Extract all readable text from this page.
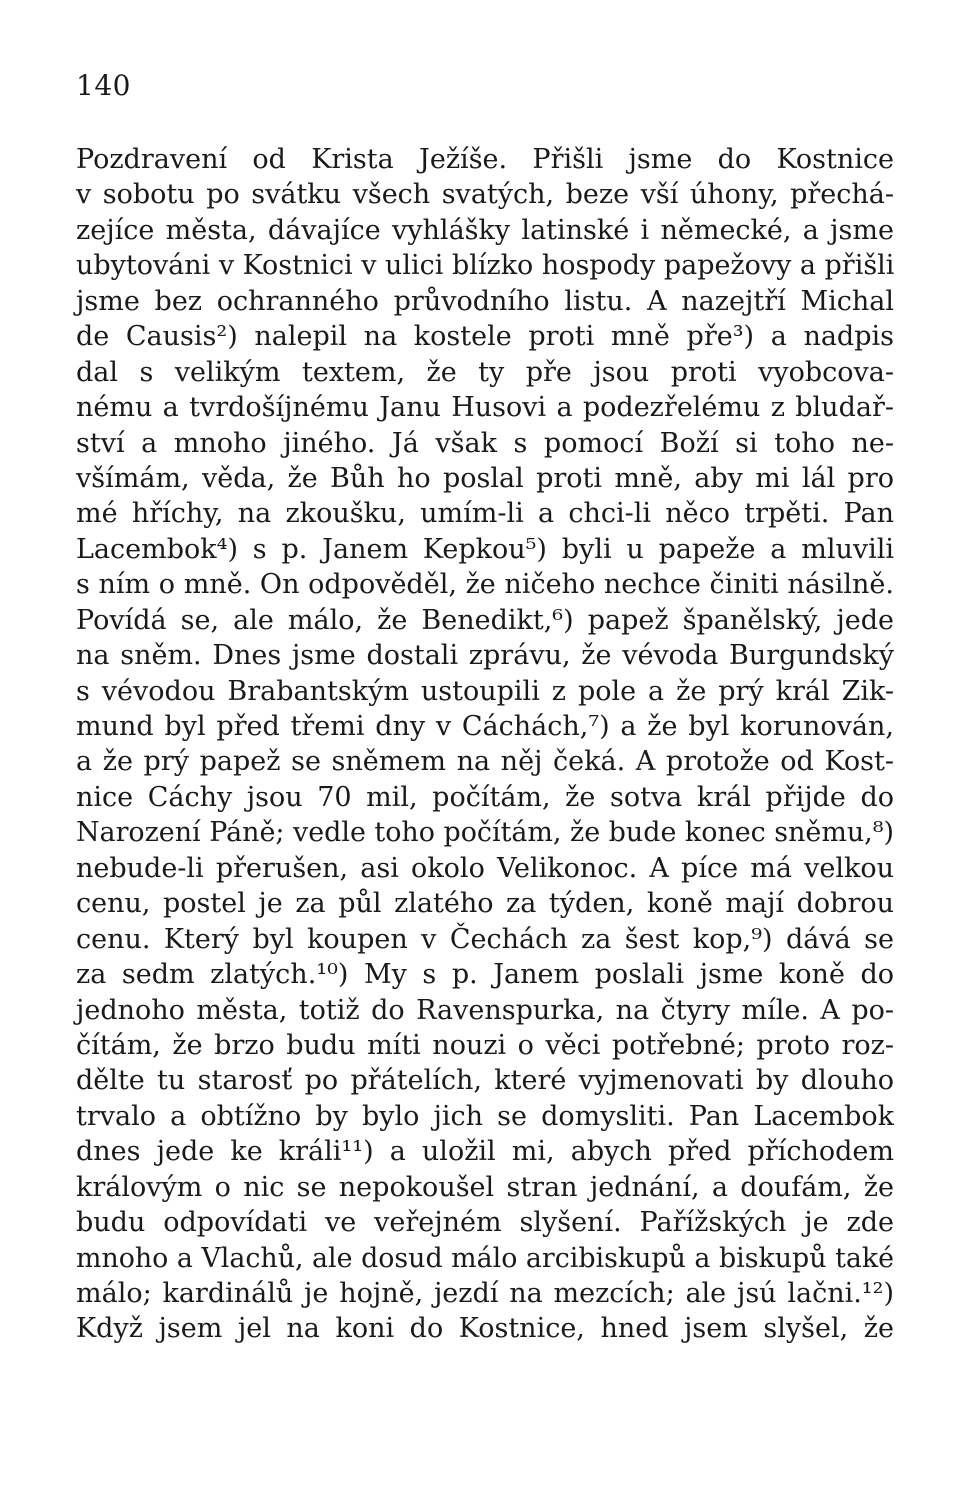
140
Pozdravení od Krista Ježíše. Přišli jsme do Kostnice
v sobotu po svátku všech svatých, beze vší úhony, přechá-
zejíce města, dávajíce vyhlášky latinské i německé, a jsme
ubytováni v Kostnici v ulici blízko hospody papežovy a přišli
jsme bez ochranného průvodního listu. A nazejtří Michal
de Causis²) nalepil na kostele proti mně pře³) a nadpis
dal s velikým textem, že ty pře jsou proti vyobcova-
nému a tvrdošíjnému Janu Husovi a podezřelému z bludař-
ství a mnoho jiného. Já však s pomocí Boží si toho ne-
všímám, věda, že Bůh ho poslal proti mně, aby mi lál pro
mé hříchy, na zkoušku, umím-li a chci-li něco trpěti. Pan
Lacembok⁴) s p. Janem Kepkou⁵) byli u papeže a mluvili
s ním o mně. On odpověděl, že ničeho nechce činiti násilně.
Povídá se, ale málo, že Benedikt,⁶) papež španělský, jede
na sněm. Dnes jsme dostali zprávu, že vévoda Burgundský
s vévodou Brabantským ustoupili z pole a že prý král Zik-
mund byl před třemi dny v Cáchách,⁷) a že byl korunován,
a že prý papež se sněmem na něj čeká. A protože od Kost-
nice Cáchy jsou 70 mil, počítám, že sotva král přijde do
Narození Páně; vedle toho počítám, že bude konec sněmu,⁸)
nebude-li přerušen, asi okolo Velikonoc. A píce má velkou
cenu, postel je za půl zlatého za týden, koně mají dobrou
cenu. Který byl koupen v Čechách za šest kop,⁹) dává se
za sedm zlatých.¹⁰) My s p. Janem poslali jsme koně do
jednoho města, totiž do Ravenspurka, na čtyry míle. A po-
čítám, že brzo budu míti nouzi o věci potřebné; proto roz-
dělte tu starosť po přátelích, které vyjmenovati by dlouho
trvalo a obtížno by bylo jich se domysliti. Pan Lacembok
dnes jede ke králi¹¹) a uložil mi, abych před příchodem
královým o nic se nepokoušel stran jednání, a doufám, že
budu odpovídati ve veřejném slyšení. Pařížských je zde
mnoho a Vlachů, ale dosud málo arcibiskupů a biskupů také
málo; kardinálů je hojně, jezdí na mezcích; ale jsú lačni.¹²)
Když jsem jel na koni do Kostnice, hned jsem slyšel, že
